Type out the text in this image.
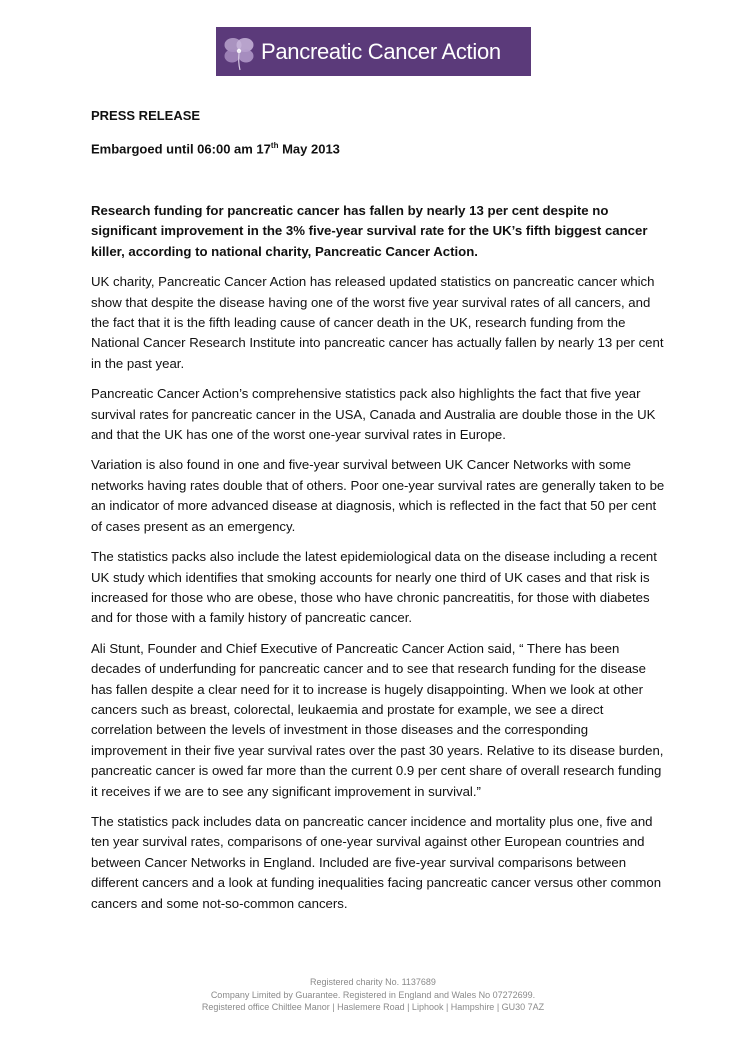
Pancreatic Cancer Action
PRESS RELEASE
Embargoed until 06:00 am 17th May 2013

Research funding for pancreatic cancer has fallen by nearly 13 per cent despite no significant improvement in the 3% five-year survival rate for the UK’s fifth biggest cancer killer, according to national charity, Pancreatic Cancer Action.

UK charity, Pancreatic Cancer Action has released updated statistics on pancreatic cancer which show that despite the disease having one of the worst five year survival rates of all cancers, and the fact that it is the fifth leading cause of cancer death in the UK, research funding from the National Cancer Research Institute into pancreatic cancer has actually fallen by nearly 13 per cent in the past year.

Pancreatic Cancer Action’s comprehensive statistics pack also highlights the fact that five year survival rates for pancreatic cancer in the USA, Canada and Australia are double those in the UK and that the UK has one of the worst one-year survival rates in Europe.

Variation is also found in one and five-year survival between UK Cancer Networks with some networks having rates double that of others. Poor one-year survival rates are generally taken to be an indicator of more advanced disease at diagnosis, which is reflected in the fact that 50 per cent of cases present as an emergency.

The statistics packs also include the latest epidemiological data on the disease including a recent UK study which identifies that smoking accounts for nearly one third of UK cases and that risk is increased for those who are obese, those who have chronic pancreatitis, for those with diabetes and for those with a family history of pancreatic cancer.

Ali Stunt, Founder and Chief Executive of Pancreatic Cancer Action said, “ There has been decades of underfunding for pancreatic cancer and to see that research funding for the disease has fallen despite a clear need for it to increase is hugely disappointing. When we look at other cancers such as breast, colorectal, leukaemia and prostate for example, we see a direct correlation between the levels of investment in those diseases and the corresponding improvement in their five year survival rates over the past 30 years. Relative to its disease burden, pancreatic cancer is owed far more than the current 0.9 per cent share of overall research funding it receives if we are to see any significant improvement in survival.”

The statistics pack includes data on pancreatic cancer incidence and mortality plus one, five and ten year survival rates, comparisons of one-year survival against other European countries and between Cancer Networks in England. Included are five-year survival comparisons between different cancers and a look at funding inequalities facing pancreatic cancer versus other common cancers and some not-so-common cancers.

Registered charity No. 1137689
Company Limited by Guarantee. Registered in England and Wales No 07272699.
Registered office Chiltlee Manor | Haslemere Road | Liphook | Hampshire | GU30 7AZ
